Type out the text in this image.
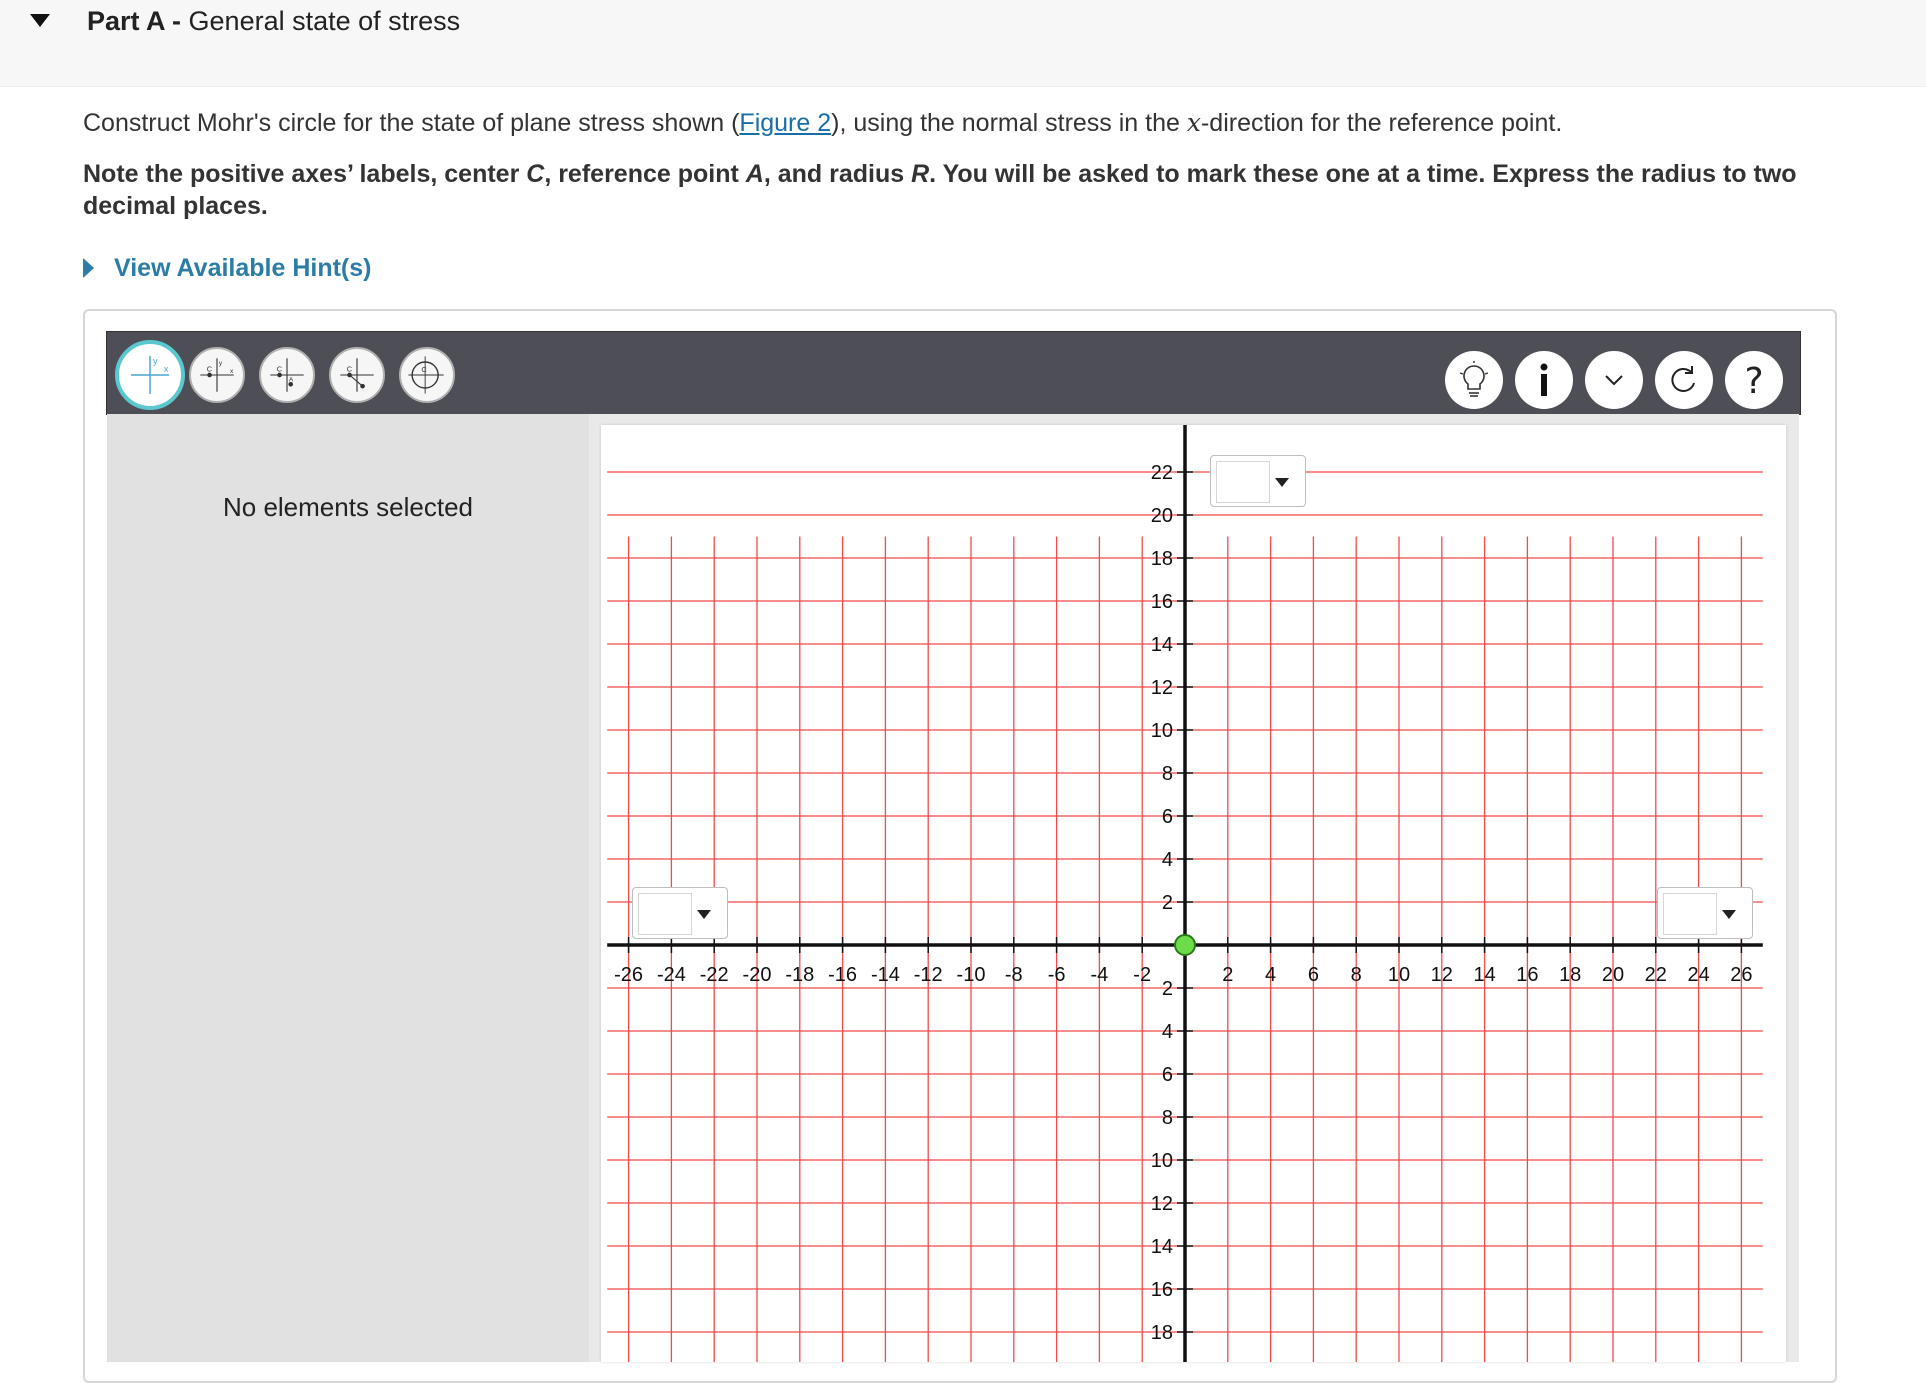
Part A - General state of stress
Construct Mohr's circle for the state of plane stress shown (Figure 2), using the normal stress in the x-direction for the reference point.
Note the positive axes’ labels, center C, reference point A, and radius R. You will be asked to mark these one at a time. Express the radius to two decimal places.
View Available Hint(s)
y
x	C
y
x	C
A
C	C	?
No elements selected
-26 -24 -22 -20 -18 -16 -14 -12 -10 -8 -6 -4 -2	2 4 6 8 10 12 14 16 18 20 22 24 26
22
20
18
16
14
12
10
8
6
4
2
2
4
6
8
10
12
14
16
18
